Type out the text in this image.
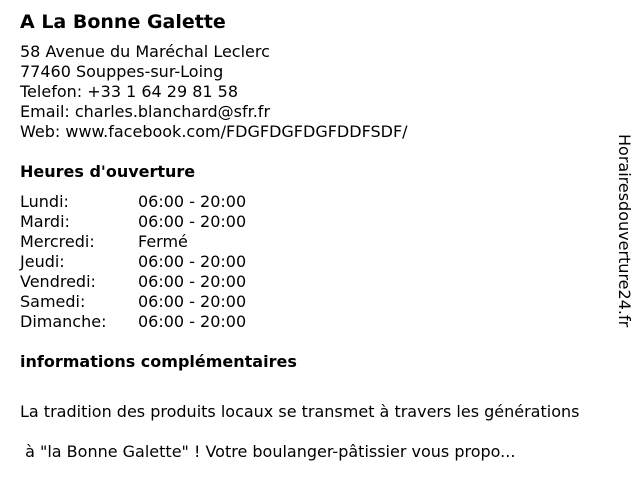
A La Bonne Galette
58 Avenue du Maréchal Leclerc
77460 Souppes-sur-Loing
Telefon: +33 1 64 29 81 58
Email: charles.blanchard@sfr.fr
Web: www.facebook.com/FDGFDGFDGFDDFSDF/
Heures d'ouverture
Lundi:	06:00 - 20:00
Mardi:	06:00 - 20:00
Mercredi:	Fermé
Jeudi:	06:00 - 20:00
Vendredi:	06:00 - 20:00
Samedi:	06:00 - 20:00
Dimanche:	06:00 - 20:00
informations complémentaires

La tradition des produits locaux se transmet à travers les générations

à "la Bonne Galette" ! Votre boulanger-pâtissier vous propo...

Horairesdouverture24.fr
